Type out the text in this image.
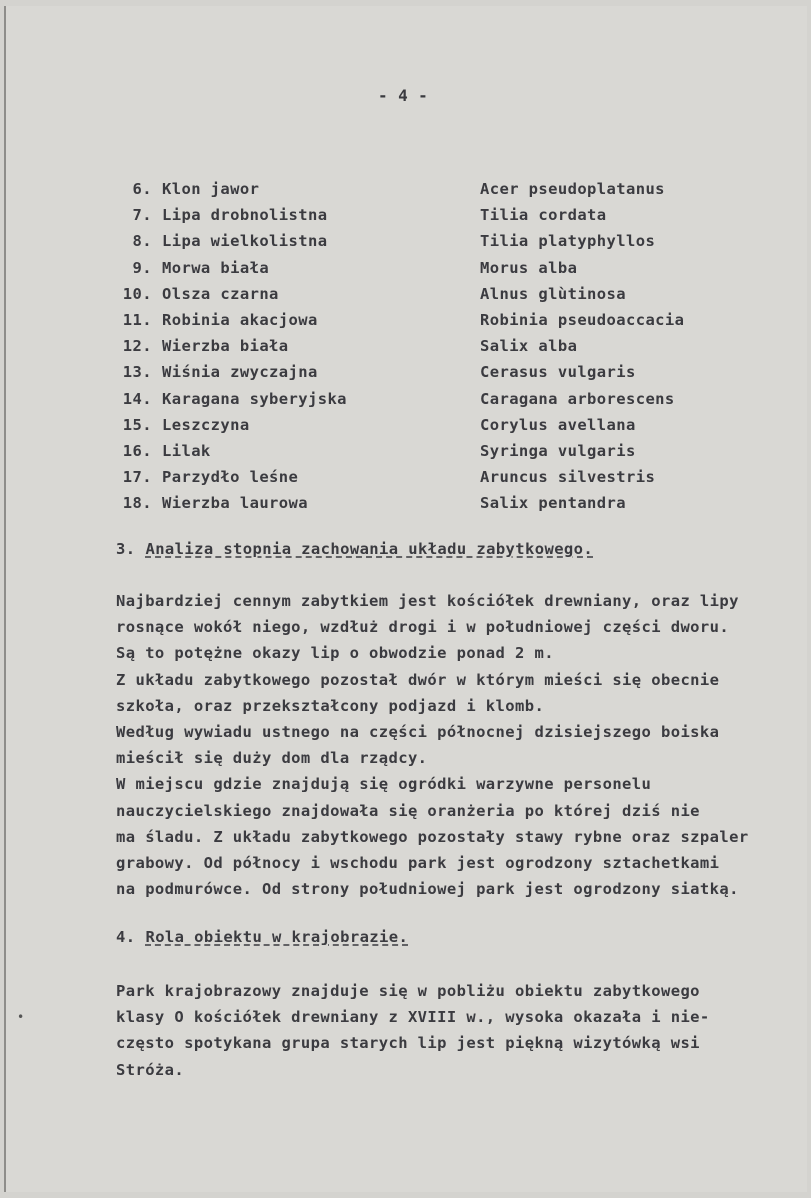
- 4 -
6. Klon jawor	Acer pseudoplatanus
7. Lipa drobnolistna	Tilia cordata
8. Lipa wielkolistna	Tilia platyphyllos
9. Morwa biała	Morus alba
10. Olsza czarna	Alnus glùtinosa
11. Robinia akacjowa	Robinia pseudoaccacia
12. Wierzba biała	Salix alba
13. Wiśnia zwyczajna	Cerasus vulgaris
14. Karagana syberyjska	Caragana arborescens
15. Leszczyna	Corylus avellana
16. Lilak	Syringa vulgaris
17. Parzydło leśne	Aruncus silvestris
18. Wierzba laurowa	Salix pentandra
3. Analiza stopnia zachowania układu zabytkowego.
Najbardziej cennym zabytkiem jest kościółek drewniany, oraz lipy
rosnące wokół niego, wzdłuż drogi i w południowej części dworu.
Są to potężne okazy lip o obwodzie ponad 2 m.
Z układu zabytkowego pozostał dwór w którym mieści się obecnie
szkoła, oraz przekształcony podjazd i klomb.
Według wywiadu ustnego na części północnej dzisiejszego boiska
mieścił się duży dom dla rządcy.
W miejscu gdzie znajdują się ogródki warzywne personelu
nauczycielskiego znajdowała się oranżeria po której dziś nie
ma śladu. Z układu zabytkowego pozostały stawy rybne oraz szpaler
grabowy. Od północy i wschodu park jest ogrodzony sztachetkami
na podmurówce. Od strony południowej park jest ogrodzony siatką.
4. Rola obiektu w krajobrazie.
Park krajobrazowy znajduje się w pobliżu obiektu zabytkowego
klasy O kościółek drewniany z XVIII w., wysoka okazała i nie-
często spotykana grupa starych lip jest piękną wizytówką wsi
Stróża.
•
